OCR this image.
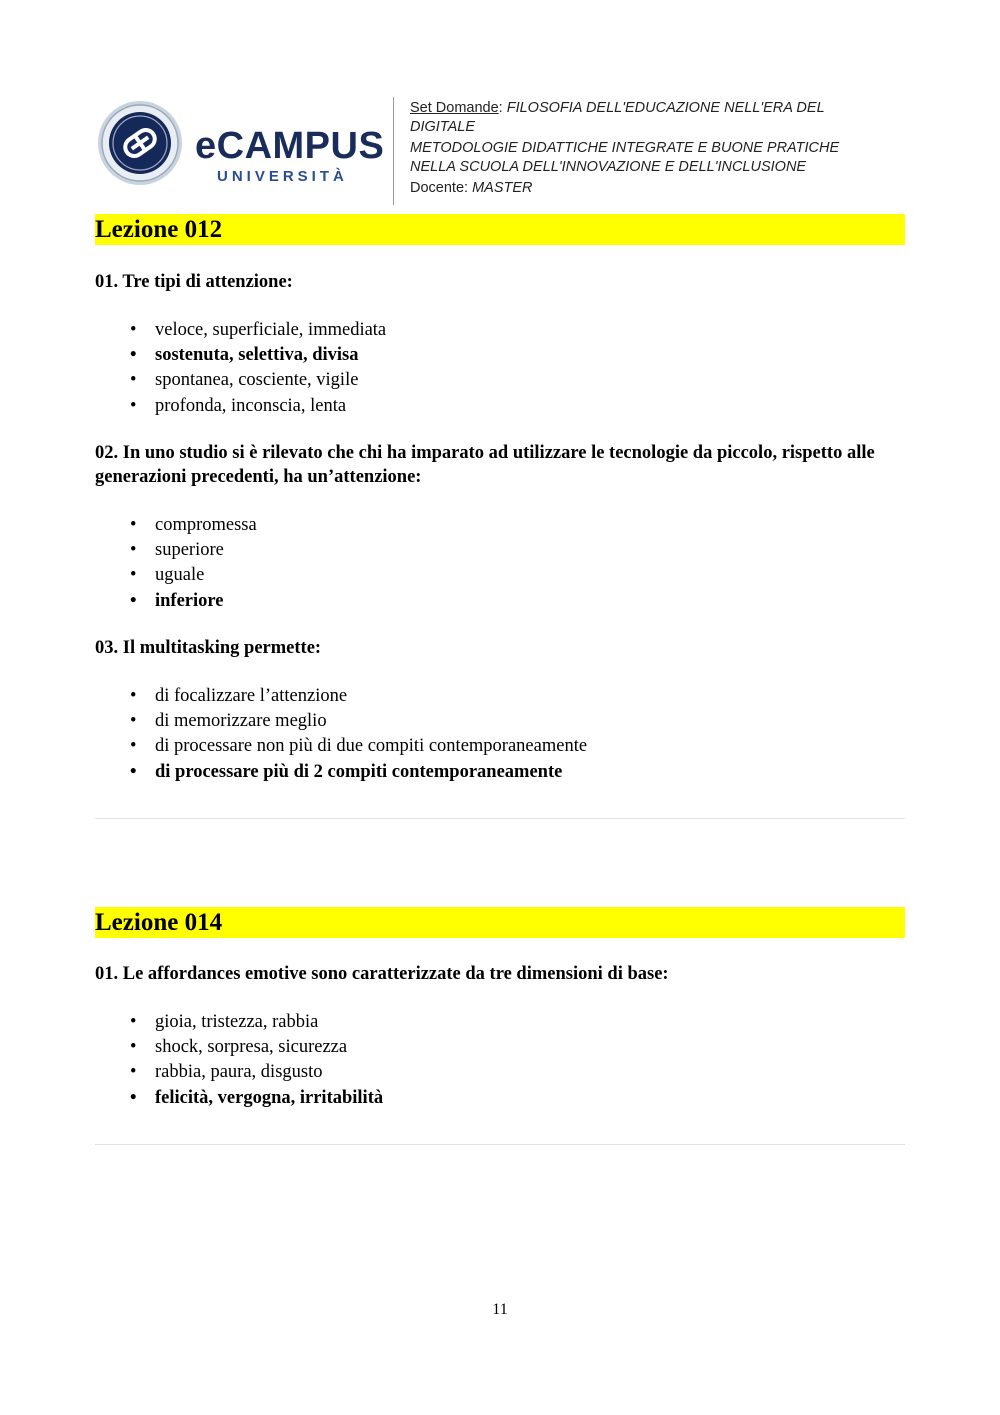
eCAMPUS
UNIVERSITÀ
Set Domande: FILOSOFIA DELL'EDUCAZIONE NELL'ERA DEL
DIGITALE
METODOLOGIE DIDATTICHE INTEGRATE E BUONE PRATICHE
NELLA SCUOLA DELL'INNOVAZIONE E DELL'INCLUSIONE
Docente: MASTER
Lezione 012
01. Tre tipi di attenzione:
• veloce, superficiale, immediata
• sostenuta, selettiva, divisa
• spontanea, cosciente, vigile
• profonda, inconscia, lenta
02. In uno studio si è rilevato che chi ha imparato ad utilizzare le tecnologie da piccolo, rispetto alle generazioni precedenti, ha un’attenzione:
• compromessa
• superiore
• uguale
• inferiore
03. Il multitasking permette:
• di focalizzare l’attenzione
• di memorizzare meglio
• di processare non più di due compiti contemporaneamente
• di processare più di 2 compiti contemporaneamente
Lezione 014
01. Le affordances emotive sono caratterizzate da tre dimensioni di base:
• gioia, tristezza, rabbia
• shock, sorpresa, sicurezza
• rabbia, paura, disgusto
• felicità, vergogna, irritabilità
11
